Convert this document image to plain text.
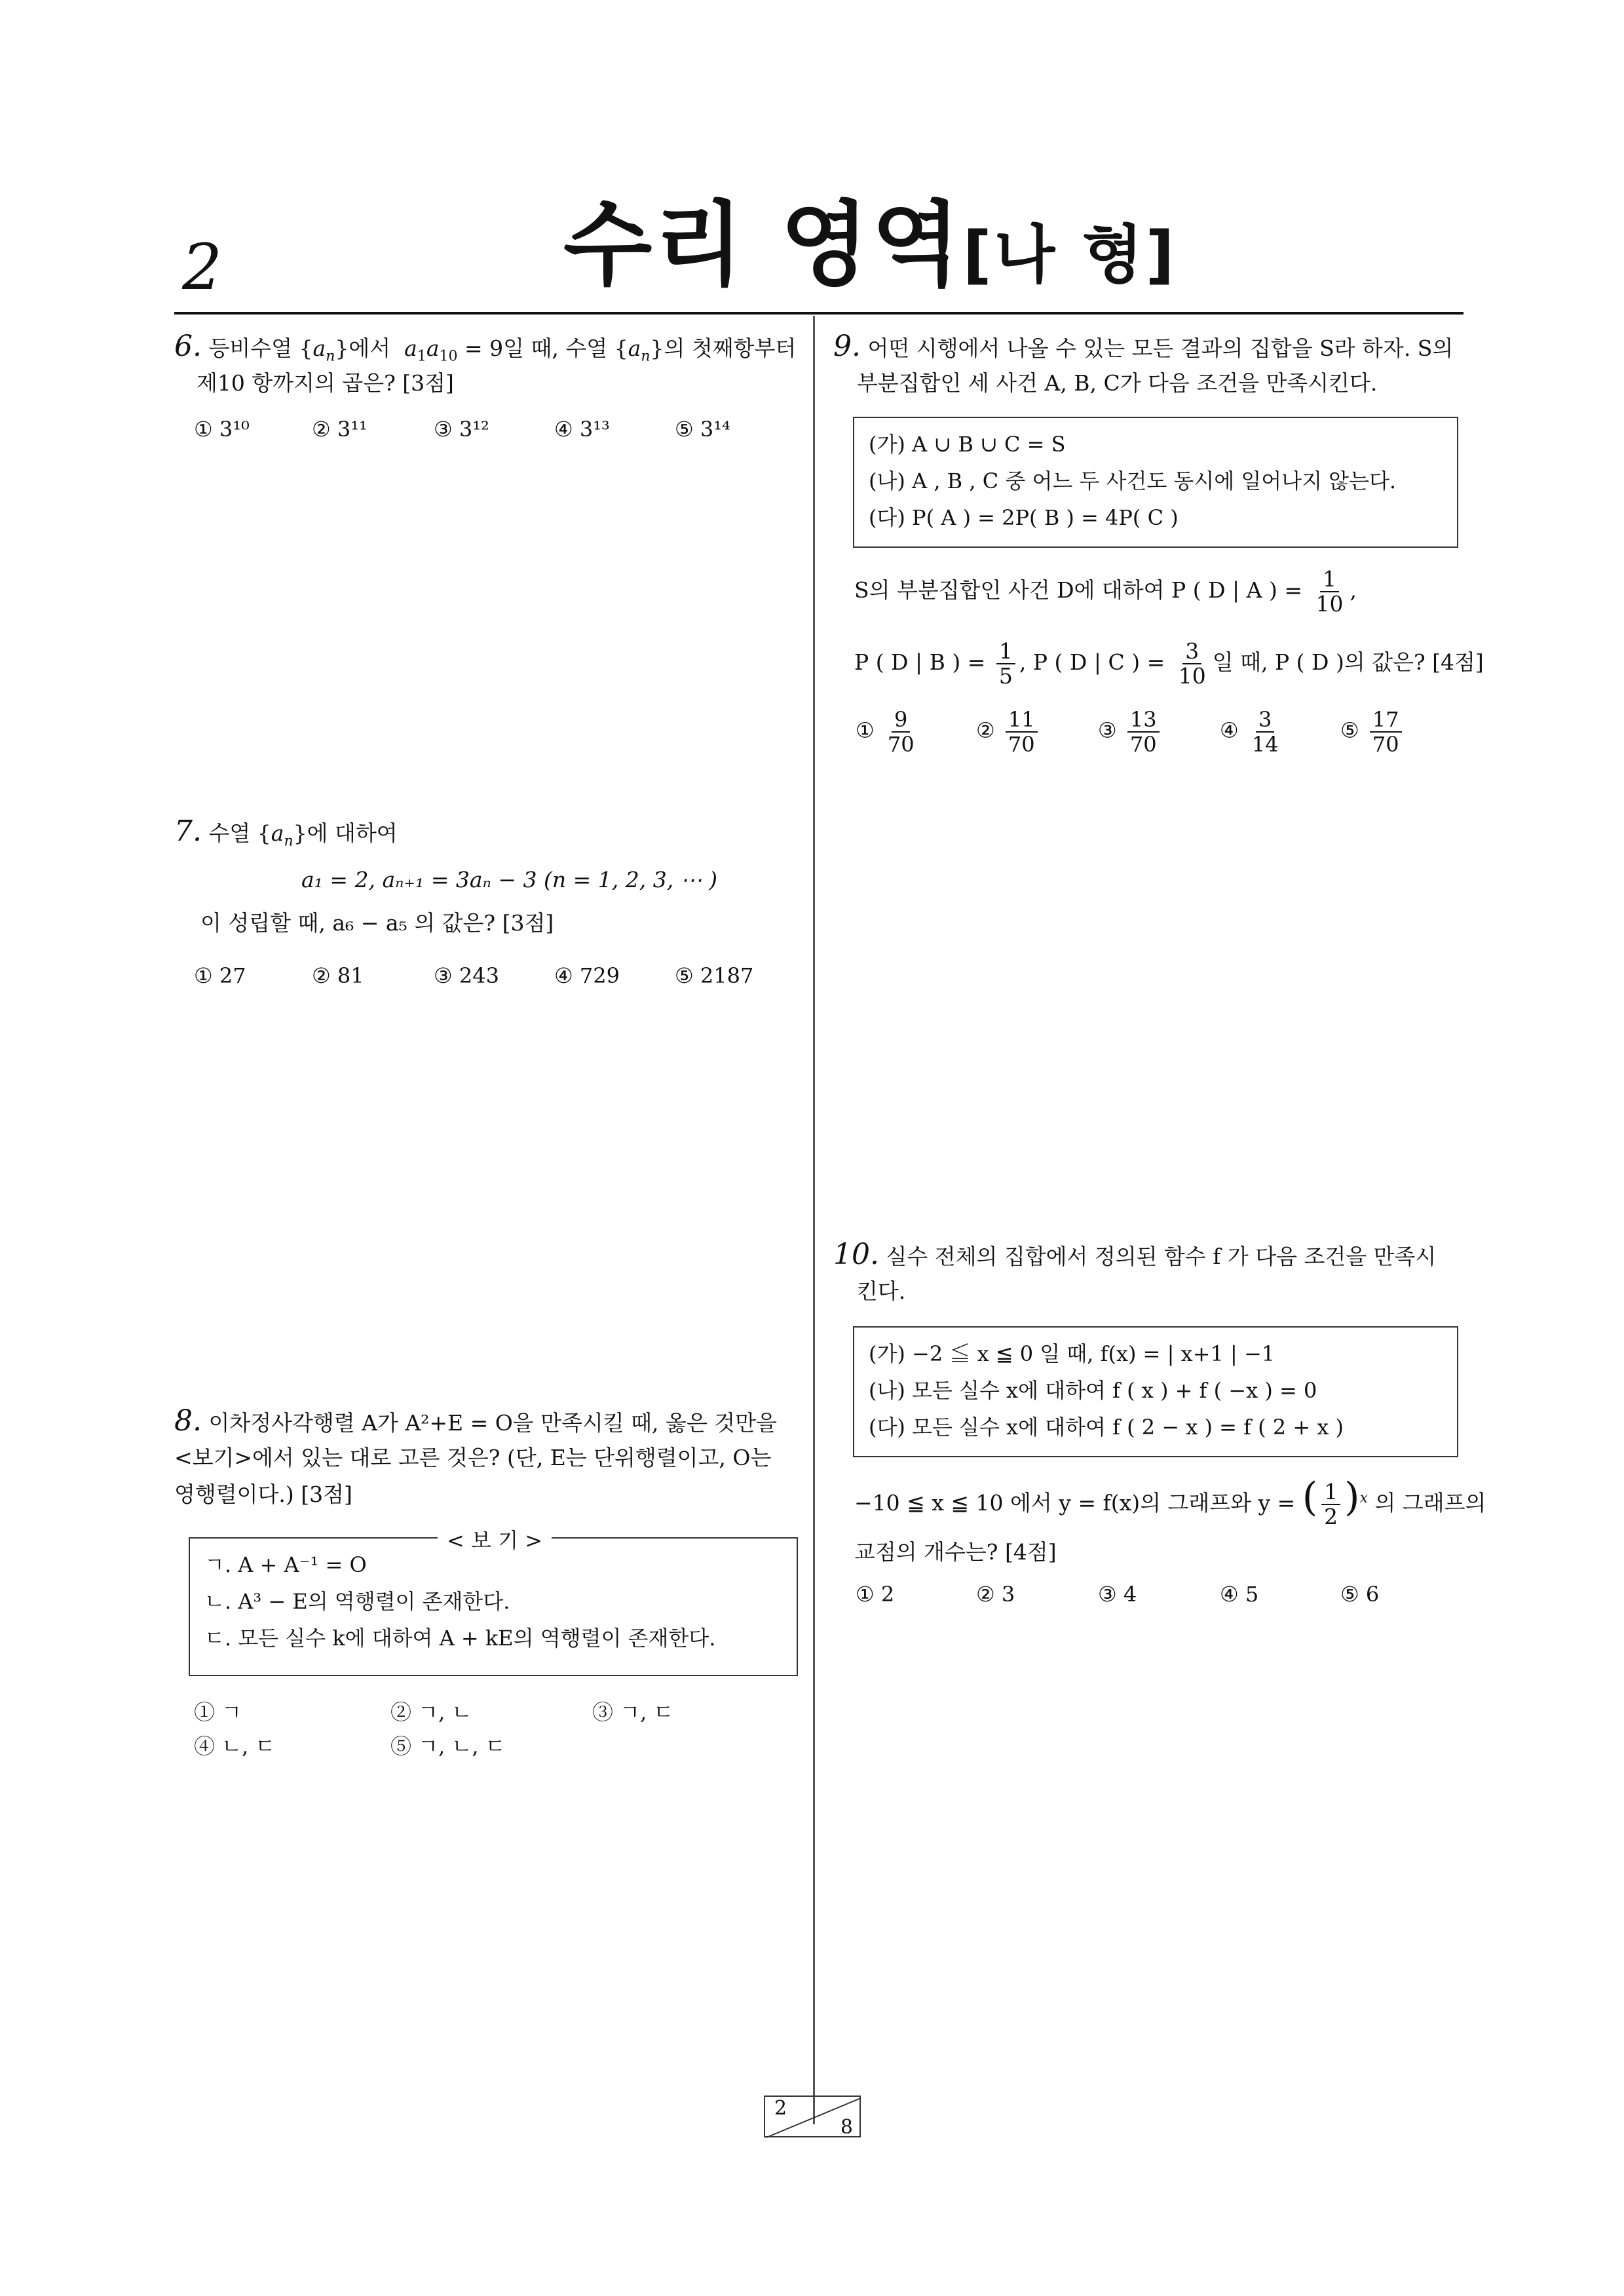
2	수리 영역[나 형]
6. 등비수열 $\{a_n\}$에서 $a_1a_{10} = 9$일 때, 수열 $\{a_n\}$의 첫째항부터
제10 항까지의 곱은? [3점]
① 3¹⁰	② 3¹¹	③ 3¹²	④ 3¹³	⑤ 3¹⁴
7. 수열 $\{a_n\}$에 대하여
a₁ = 2, aₙ₊₁ = 3aₙ − 3 (n = 1, 2, 3, ⋯ )
이 성립할 때, a₆ − a₅ 의 값은? [3점]
① 27	② 81	③ 243	④ 729	⑤ 2187
8. 이차정사각행렬 A가 A²+E = O을 만족시킬 때, 옳은 것만을
<보기>에서 있는 대로 고른 것은? (단, E는 단위행렬이고, O는
영행렬이다.) [3점]
ㄱ. A + A⁻¹ = O
ㄴ. A³ − E의 역행렬이 존재한다.
ㄷ. 모든 실수 k에 대하여 A + kE의 역행렬이 존재한다.
< 보 기 >
① ㄱ	② ㄱ, ㄴ	③ ㄱ, ㄷ
④ ㄴ, ㄷ	⑤ ㄱ, ㄴ, ㄷ
9. 어떤 시행에서 나올 수 있는 모든 결과의 집합을 S라 하자. S의
부분집합인 세 사건 A, B, C가 다음 조건을 만족시킨다.
(가) A ∪ B ∪ C = S
(나) A , B , C 중 어느 두 사건도 동시에 일어나지 않는다.
(다) P( A ) = 2P( B ) = 4P( C )
S의 부분집합인 사건 D에 대하여 P ( D | A ) = $\frac{1}{10}$ ,
P ( D | B ) = $\frac{1}{5}$ , P ( D | C ) = $\frac{3}{10}$ 일 때, P ( D )의 값은? [4점]
① $\frac{9}{70}$	② $\frac{11}{70}$	③ $\frac{13}{70}$	④ $\frac{3}{14}$	⑤ $\frac{17}{70}$
10. 실수 전체의 집합에서 정의된 함수 f 가 다음 조건을 만족시
킨다.
(가) −2 ≦ x ≦ 0 일 때, f(x) = | x+1 | −1
(나) 모든 실수 x에 대하여 f ( x ) + f ( −x ) = 0
(다) 모든 실수 x에 대하여 f ( 2 − x ) = f ( 2 + x )
−10 ≦ x ≦ 10 에서 y = f(x)의 그래프와 y = ( $\frac{1}{2} )^x$ 의 그래프의
교점의 개수는? [4점]
① 2	② 3	③ 4	④ 5	⑤ 6
2
8
